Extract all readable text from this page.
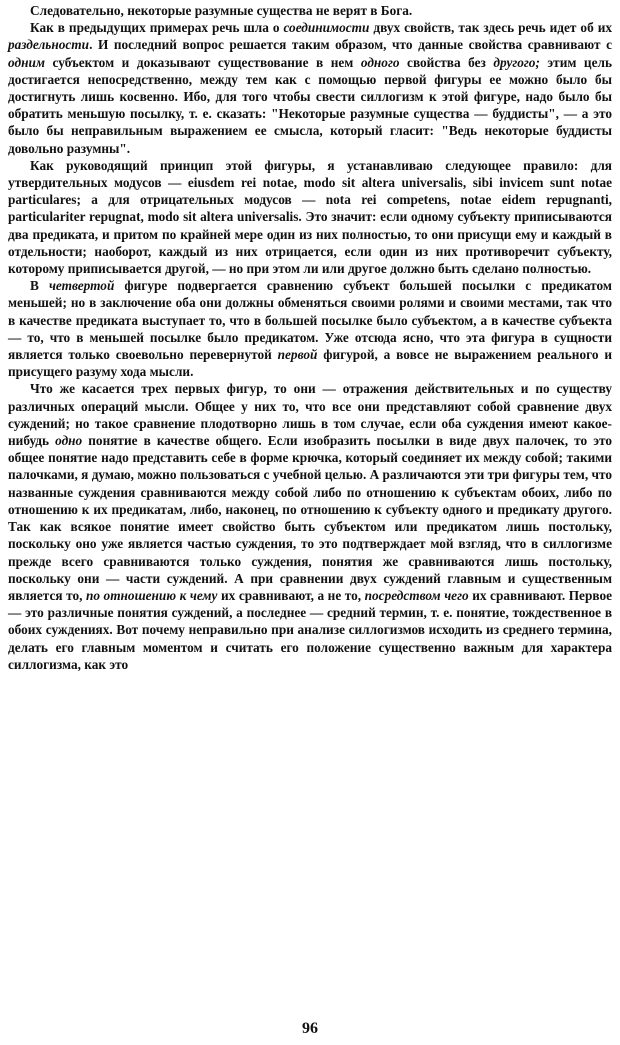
Следовательно, некоторые разумные существа не верят в Бога.

Как в предыдущих примерах речь шла о соединимости двух свойств, так здесь речь идет об их раздельности. И последний вопрос решается таким образом, что данные свойства сравнивают с одним субъектом и доказывают существование в нем одного свойства без другого; этим цель достигается непосредственно, между тем как с помощью первой фигуры ее можно было бы достигнуть лишь косвенно. Ибо, для того чтобы свести силлогизм к этой фигуре, надо было бы обратить меньшую посылку, т. е. сказать: "Некоторые разумные существа — буддисты", — а это было бы неправильным выражением ее смысла, который гласит: "Ведь некоторые буддисты довольно разумны".

Как руководящий принцип этой фигуры, я устанавливаю следующее правило: для утвердительных модусов — eiusdem rei notae, modo sit altera universalis, sibi invicem sunt notae particulares; а для отрицательных модусов — nota rei competens, notae eidem repugnanti, particulariter repugnat, modo sit altera universalis. Это значит: если одному субъекту приписываются два предиката, и притом по крайней мере один из них полностью, то они присущи ему и каждый в отдельности; наоборот, каждый из них отрицается, если один из них противоречит субъекту, которому приписывается другой, — но при этом ли или другое должно быть сделано полностью.

В четвертой фигуре подвергается сравнению субъект большей посылки с предикатом меньшей; но в заключение оба они должны обменяться своими ролями и своими местами, так что в качестве предиката выступает то, что в большей посылке было субъектом, а в качестве субъекта — то, что в меньшей посылке было предикатом. Уже отсюда ясно, что эта фигура в сущности является только своевольно перевернутой первой фигурой, а вовсе не выражением реального и присущего разуму хода мысли.

Что же касается трех первых фигур, то они — отражения действительных и по существу различных операций мысли. Общее у них то, что все они представляют собой сравнение двух суждений; но такое сравнение плодотворно лишь в том случае, если оба суждения имеют какое-нибудь одно понятие в качестве общего. Если изобразить посылки в виде двух палочек, то это общее понятие надо представить себе в форме крючка, который соединяет их между собой; такими палочками, я думаю, можно пользоваться с учебной целью. А различаются эти три фигуры тем, что названные суждения сравниваются между собой либо по отношению к субъектам обоих, либо по отношению к их предикатам, либо, наконец, по отношению к субъекту одного и предикату другого. Так как всякое понятие имеет свойство быть субъектом или предикатом лишь постольку, поскольку оно уже является частью суждения, то это подтверждает мой взгляд, что в силлогизме прежде всего сравниваются только суждения, понятия же сравниваются лишь постольку, поскольку они — части суждений. А при сравнении двух суждений главным и существенным является то, по отношению к чему их сравнивают, а не то, посредством чего их сравнивают. Первое — это различные понятия суждений, а последнее — средний термин, т. е. понятие, тождественное в обоих суждениях. Вот почему неправильно при анализе силлогизмов исходить из среднего термина, делать его главным моментом и считать его положение существенно важным для характера силлогизма, как это

96
